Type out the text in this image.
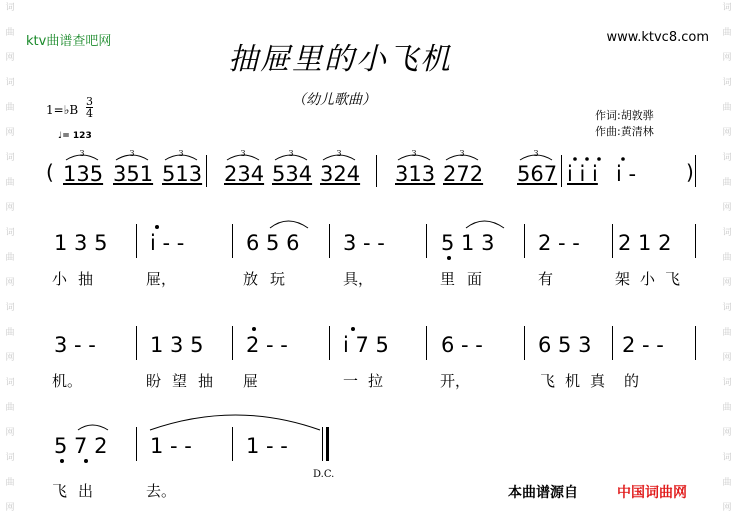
词
曲
网
词
曲
网
词
曲
网
词
曲
网
词
曲
网
词
曲
网
词
曲
网
词
曲
网
词
曲
网
词
曲
网
词
曲
网
词
曲
网
词
曲
网
词
曲
网
ktv曲谱查吧网	www.ktvc8.com
抽屉里的小飞机
（幼儿歌曲）
1=♭B
3
4
♩= 123
作词:胡敦骅
作曲:黄清林
( 135 351 513 234 534 324 313 272 567 i i i i - )
1 3 5 i - -	6 5 6 3 - -	5 1 3 2 - - 2 1 2
小 抽	屉，	放 玩	具，	里 面	有	架 小 飞
3 - -	1 3 5 2 - -	i 7 5 6 - -	6 5 3 2 - -
机。	盼 望 抽 屉	一 拉	开，	飞 机 真 的
5 7 2 1 - -	1 - -
D.C.
飞 出	去。	本曲谱源自	中国词曲网
3	3	3	3	3	3	3	3	3
